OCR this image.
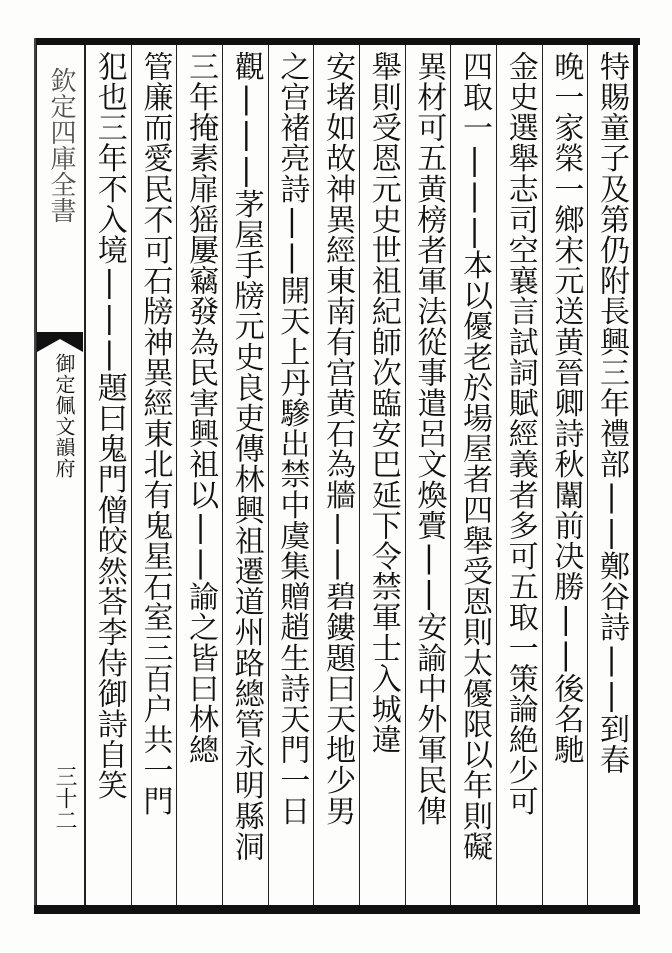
欽定四庫全書
御定佩文韻府
三十二
特賜童子及第仍附長興三年禮部||鄭谷詩||到春
晚一家榮一鄉宋元送黄晉卿詩秋闈前决勝||後名馳
金史選舉志司空襄言試詞賦經義者多可五取一策論絶少可
四取一|||本以優老於場屋者四舉受恩則太優限以年則礙
異材可五黄榜者軍法從事遣呂文煥賷||安諭中外軍民俾
舉則受恩元史世祖紀師次臨安巴延下令禁軍士入城違
安堵如故神異經東南有宫黄石為牆||碧鏤題曰天地少男
之宫褚亮詩||開天上丹驂出禁中虞集贈趙生詩天門一日
觀|||茅屋手牓元史良吏傳林興祖遷道州路總管永明縣洞
三年掩素扉猺屢竊發為民害興祖以||諭之皆曰林總
管廉而愛民不可石牓神異經東北有鬼星石室三百户共一門
犯也三年不入境|||題曰鬼門僧皎然荅李侍御詩自笑
